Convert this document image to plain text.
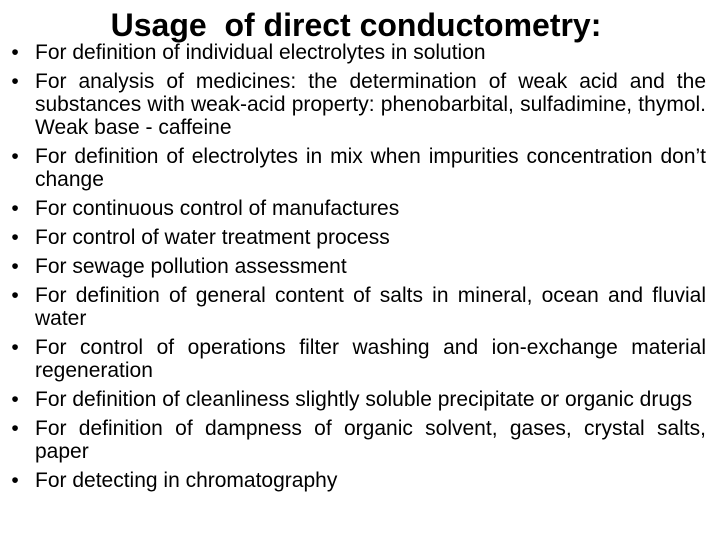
Usage  of direct conductometry:
• For definition of individual electrolytes in solution
• For analysis of medicines: the determination of weak acid and the substances with weak-acid property: phenobarbital, sulfadimine, thymol. Weak base - caffeine
• For definition of electrolytes in mix when impurities concentration don’t change
• For continuous control of manufactures
• For control of water treatment process
• For sewage pollution assessment
• For definition of general content of salts in mineral, ocean and fluvial water
• For control of operations filter washing and ion-exchange material regeneration
• For definition of cleanliness slightly soluble precipitate or organic drugs
• For definition of dampness of organic solvent, gases, crystal salts, paper
• For detecting in chromatography
